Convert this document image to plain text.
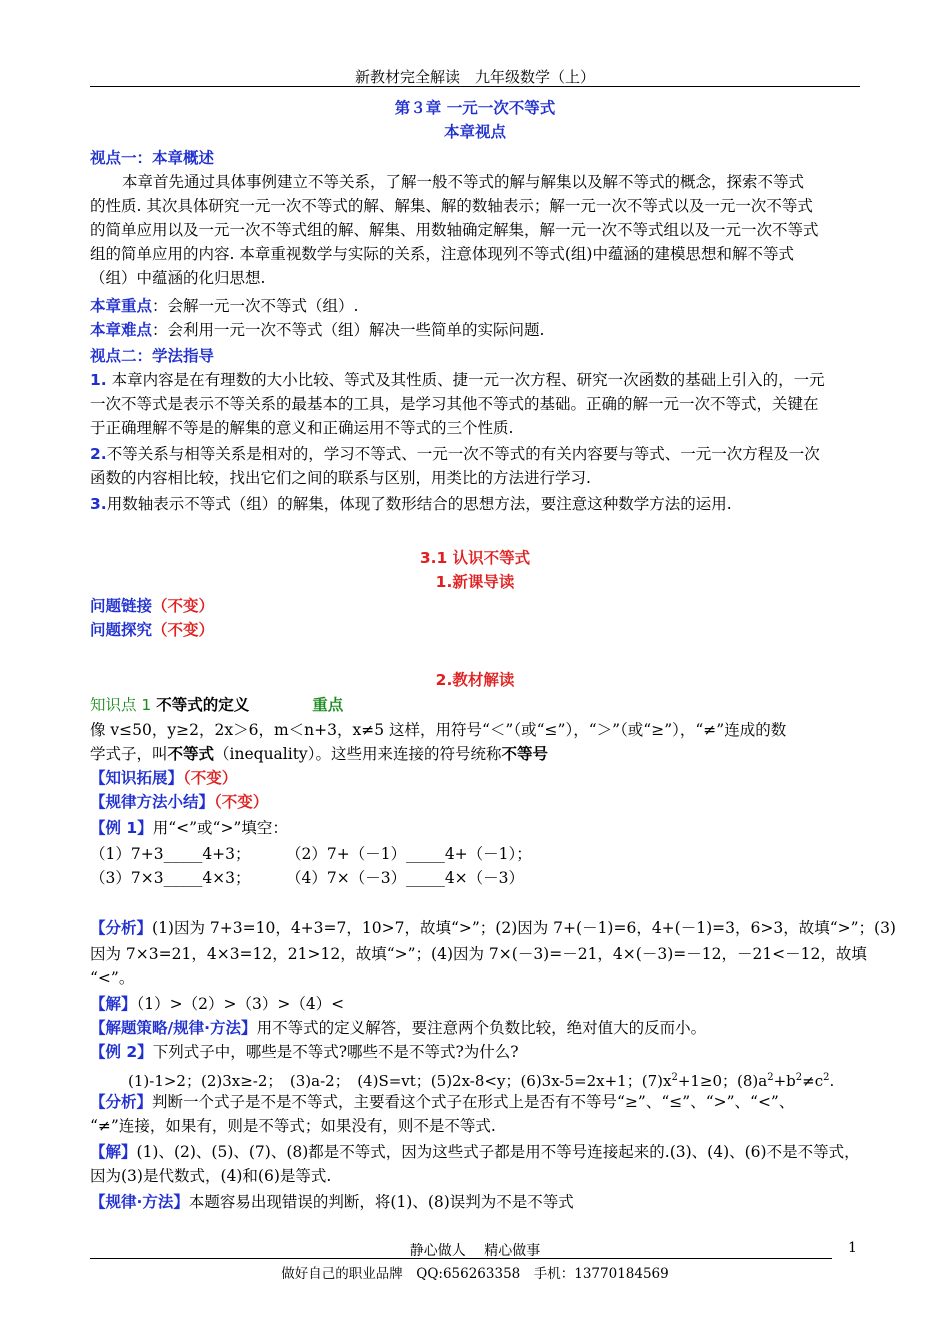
新教材完全解读　九年级数学（上）
第３章 一元一次不等式
本章视点
视点一：本章概述
本章首先通过具体事例建立不等关系，了解一般不等式的解与解集以及解不等式的概念，探索不等式
的性质. 其次具体研究一元一次不等式的解、解集、解的数轴表示；解一元一次不等式以及一元一次不等式
的简单应用以及一元一次不等式组的解、解集、用数轴确定解集，解一元一次不等式组以及一元一次不等式
组的简单应用的内容. 本章重视数学与实际的关系，注意体现列不等式(组)中蕴涵的建模思想和解不等式
（组）中蕴涵的化归思想.
本章重点：会解一元一次不等式（组）.
本章难点：会利用一元一次不等式（组）解决一些简单的实际问题.
视点二：学法指导
1. 本章内容是在有理数的大小比较、等式及其性质、捷一元一次方程、研究一次函数的基础上引入的，一元
一次不等式是表示不等关系的最基本的工具，是学习其他不等式的基础。正确的解一元一次不等式，关键在
于正确理解不等是的解集的意义和正确运用不等式的三个性质.
2.不等关系与相等关系是相对的，学习不等式、一元一次不等式的有关内容要与等式、一元一次方程及一次
函数的内容相比较，找出它们之间的联系与区别，用类比的方法进行学习.
3.用数轴表示不等式（组）的解集，体现了数形结合的思想方法，要注意这种数学方法的运用.
3.1 认识不等式
1.新课导读
问题链接（不变）
问题探究（不变）
2.教材解读
知识点 1 不等式的定义	重点
像 v≤50，y≥2，2x＞6，m＜n+3，x≠5 这样，用符号“＜”（或“≤”），“＞”（或“≥”），“≠”连成的数
学式子，叫不等式（inequality）。这些用来连接的符号统称不等号
【知识拓展】（不变）
【规律方法小结】（不变）
【例 1】用“<”或“>”填空：
（1）7+3_____4+3； （2）7+（－1）_____4+（－1）；
（3）7×3_____4×3； （4）7×（－3）_____4×（－3）
【分析】(1)因为 7+3=10，4+3=7，10>7，故填“>”；(2)因为 7+(－1)=6，4+(－1)=3，6>3，故填“>”；(3)
因为 7×3=21，4×3=12，21>12，故填“>”；(4)因为 7×(－3)=－21，4×(－3)=－12，－21<－12，故填
“<”。
【解】（1）>（2）>（3）>（4）<
【解题策略/规律·方法】用不等式的定义解答，要注意两个负数比较，绝对值大的反而小。
【例 2】下列式子中，哪些是不等式?哪些不是不等式?为什么?
(1)-1>2；(2)3x≥-2；　(3)a-2；　(4)S=vt；(5)2x-8<y；(6)3x-5=2x+1；$(7)x^2+1\ge 0$；$(8)a^2+b^2\ne c^2$.
【分析】判断一个式子是不是不等式，主要看这个式子在形式上是否有不等号“≥”、“≤”、“>”、“<”、
“≠”连接，如果有，则是不等式；如果没有，则不是不等式.
【解】(1)、(2)、(5)、(7)、(8)都是不等式，因为这些式子都是用不等号连接起来的.(3)、(4)、(6)不是不等式，
因为(3)是代数式，(4)和(6)是等式.
【规律·方法】本题容易出现错误的判断，将(1)、(8)误判为不是不等式
静心做人　 精心做事	1
做好自己的职业品牌　QQ:656263358　手机：13770184569
